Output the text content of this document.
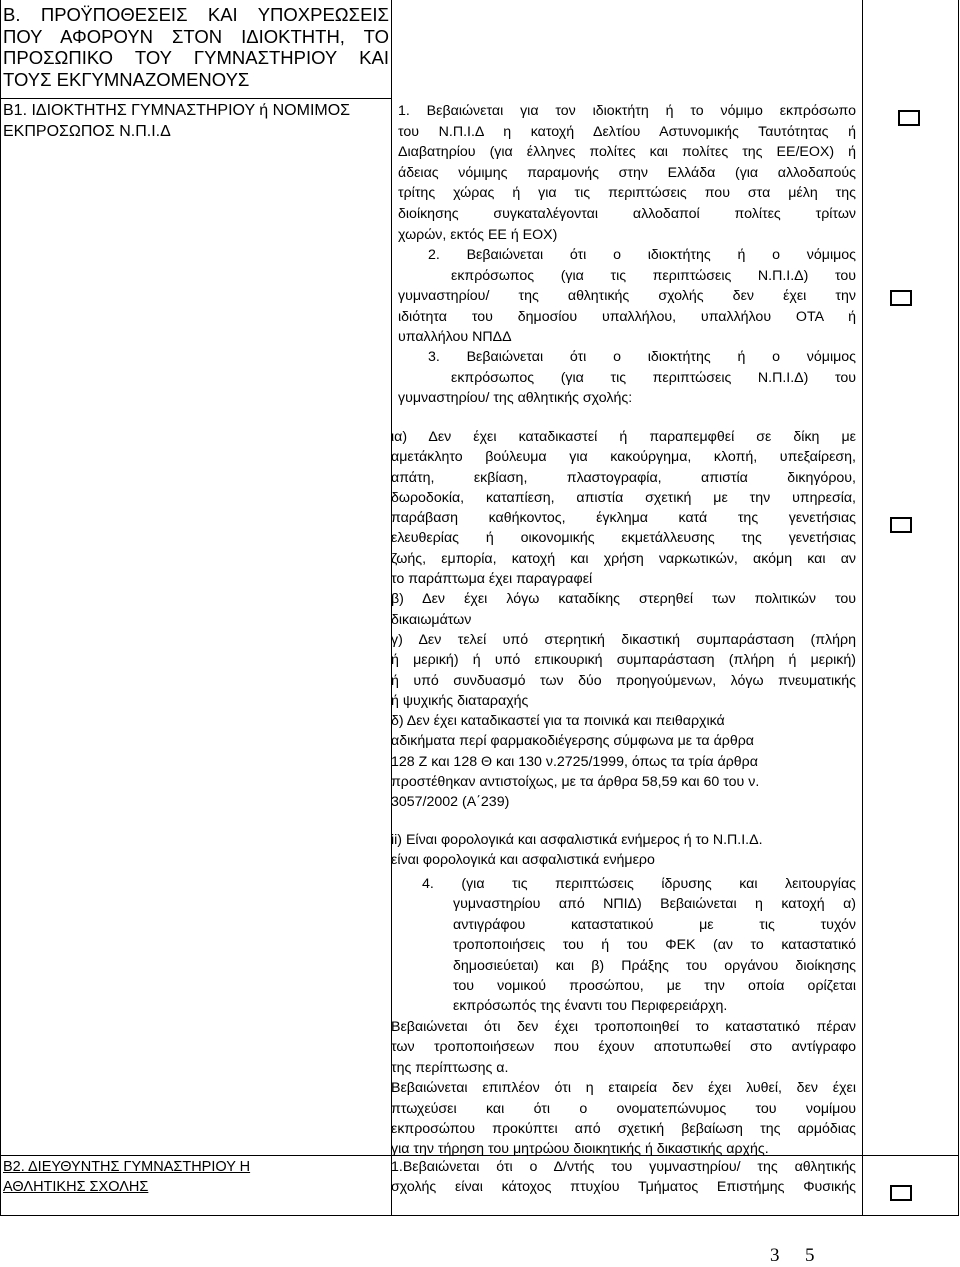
Β. ΠΡΟΫΠΟΘΕΣΕΙΣ ΚΑΙ ΥΠΟΧΡΕΩΣΕΙΣ
ΠΟΥ ΑΦΟΡΟΥΝ ΣΤΟΝ ΙΔΙΟΚΤΗΤΗ, ΤΟ
ΠΡΟΣΩΠΙΚΟ ΤΟΥ ΓΥΜΝΑΣΤΗΡΙΟΥ ΚΑΙ
ΤΟΥΣ ΕΚΓΥΜΝΑΖΟΜΕΝΟΥΣ
Β1. ΙΔΙΟΚΤΗΤΗΣ ΓΥΜΝΑΣΤΗΡΙΟΥ ή ΝΟΜΙΜΟΣ
ΕΚΠΡΟΣΩΠΟΣ Ν.Π.Ι.Δ
1. Βεβαιώνεται για τον ιδιοκτήτη ή το νόμιμο εκπρόσωπο
του Ν.Π.Ι.Δ η κατοχή Δελτίου Αστυνομικής Ταυτότητας ή
Διαβατηρίου (για έλληνες πολίτες και πολίτες της ΕΕ/ΕΟΧ) ή
άδειας νόμιμης παραμονής στην Ελλάδα (για αλλοδαπούς
τρίτης χώρας ή για τις περιπτώσεις που στα μέλη της
διοίκησης συγκαταλέγονται αλλοδαποί πολίτες τρίτων
χωρών, εκτός ΕΕ ή ΕΟΧ)
2. Βεβαιώνεται ότι ο ιδιοκτήτης ή ο νόμιμος
εκπρόσωπος (για τις περιπτώσεις Ν.Π.Ι.Δ) του
γυμναστηρίου/ της αθλητικής σχολής δεν έχει την
ιδιότητα του δημοσίου υπαλλήλου, υπαλλήλου ΟΤΑ ή
υπαλλήλου ΝΠΔΔ
3. Βεβαιώνεται ότι ο ιδιοκτήτης ή ο νόμιμος
εκπρόσωπος (για τις περιπτώσεις Ν.Π.Ι.Δ) του
γυμναστηρίου/ της αθλητικής σχολής:
ια) Δεν έχει καταδικαστεί ή παραπεμφθεί σε δίκη με
αμετάκλητο βούλευμα για κακούργημα, κλοπή, υπεξαίρεση,
απάτη, εκβίαση, πλαστογραφία, απιστία δικηγόρου,
δωροδοκία, καταπίεση, απιστία σχετική με την υπηρεσία,
παράβαση καθήκοντος, έγκλημα κατά της γενετήσιας
ελευθερίας ή οικονομικής εκμετάλλευσης της γενετήσιας
ζωής, εμπορία, κατοχή και χρήση ναρκωτικών, ακόμη και αν
το παράπτωμα έχει παραγραφεί
β) Δεν έχει λόγω καταδίκης στερηθεί των πολιτικών του
δικαιωμάτων
γ) Δεν τελεί υπό στερητική δικαστική συμπαράσταση (πλήρη
ή μερική) ή υπό επικουρική συμπαράσταση (πλήρη ή μερική)
ή υπό συνδυασμό των δύο προηγούμενων, λόγω πνευματικής
ή ψυχικής διαταραχής
δ) Δεν έχει καταδικαστεί για τα ποινικά και πειθαρχικά
αδικήματα περί φαρμακοδιέγερσης σύμφωνα με τα άρθρα
128 Ζ και 128 Θ και 130 ν.2725/1999, όπως τα τρία άρθρα
προστέθηκαν αντιστοίχως, με τα άρθρα 58,59 και 60 του ν.
3057/2002 (Α΄239)
ii) Είναι φορολογικά και ασφαλιστικά ενήμερος ή το Ν.Π.Ι.Δ.
είναι φορολογικά και ασφαλιστικά ενήμερο
4. (για τις περιπτώσεις ίδρυσης και λειτουργίας
γυμναστηρίου από ΝΠΙΔ) Βεβαιώνεται η κατοχή α)
αντιγράφου καταστατικού με τις τυχόν
τροποποιήσεις του ή του ΦΕΚ (αν το καταστατικό
δημοσιεύεται) και β) Πράξης του οργάνου διοίκησης
του νομικού προσώπου, με την οποία ορίζεται
εκπρόσωπός της έναντι του Περιφερειάρχη.
Βεβαιώνεται ότι δεν έχει τροποποιηθεί το καταστατικό πέραν
των τροποποιήσεων που έχουν αποτυπωθεί στο αντίγραφο
της περίπτωσης α.
Βεβαιώνεται επιπλέον ότι η εταιρεία δεν έχει λυθεί, δεν έχει
πτωχεύσει και ότι ο ονοματεπώνυμος του νομίμου
εκπροσώπου προκύπτει από σχετική βεβαίωση της αρμόδιας
για την τήρηση του μητρώου διοικητικής ή δικαστικής αρχής.
Β2. ΔΙΕΥΘΥΝΤΗΣ ΓΥΜΝΑΣΤΗΡΙΟΥ Η
ΑΘΛΗΤΙΚΗΣ ΣΧΟΛΗΣ
1.Βεβαιώνεται ότι ο Δ/ντής του γυμναστηρίου/ της αθλητικής
σχολής είναι κάτοχος πτυχίου Τμήματος Επιστήμης Φυσικής
3 5
